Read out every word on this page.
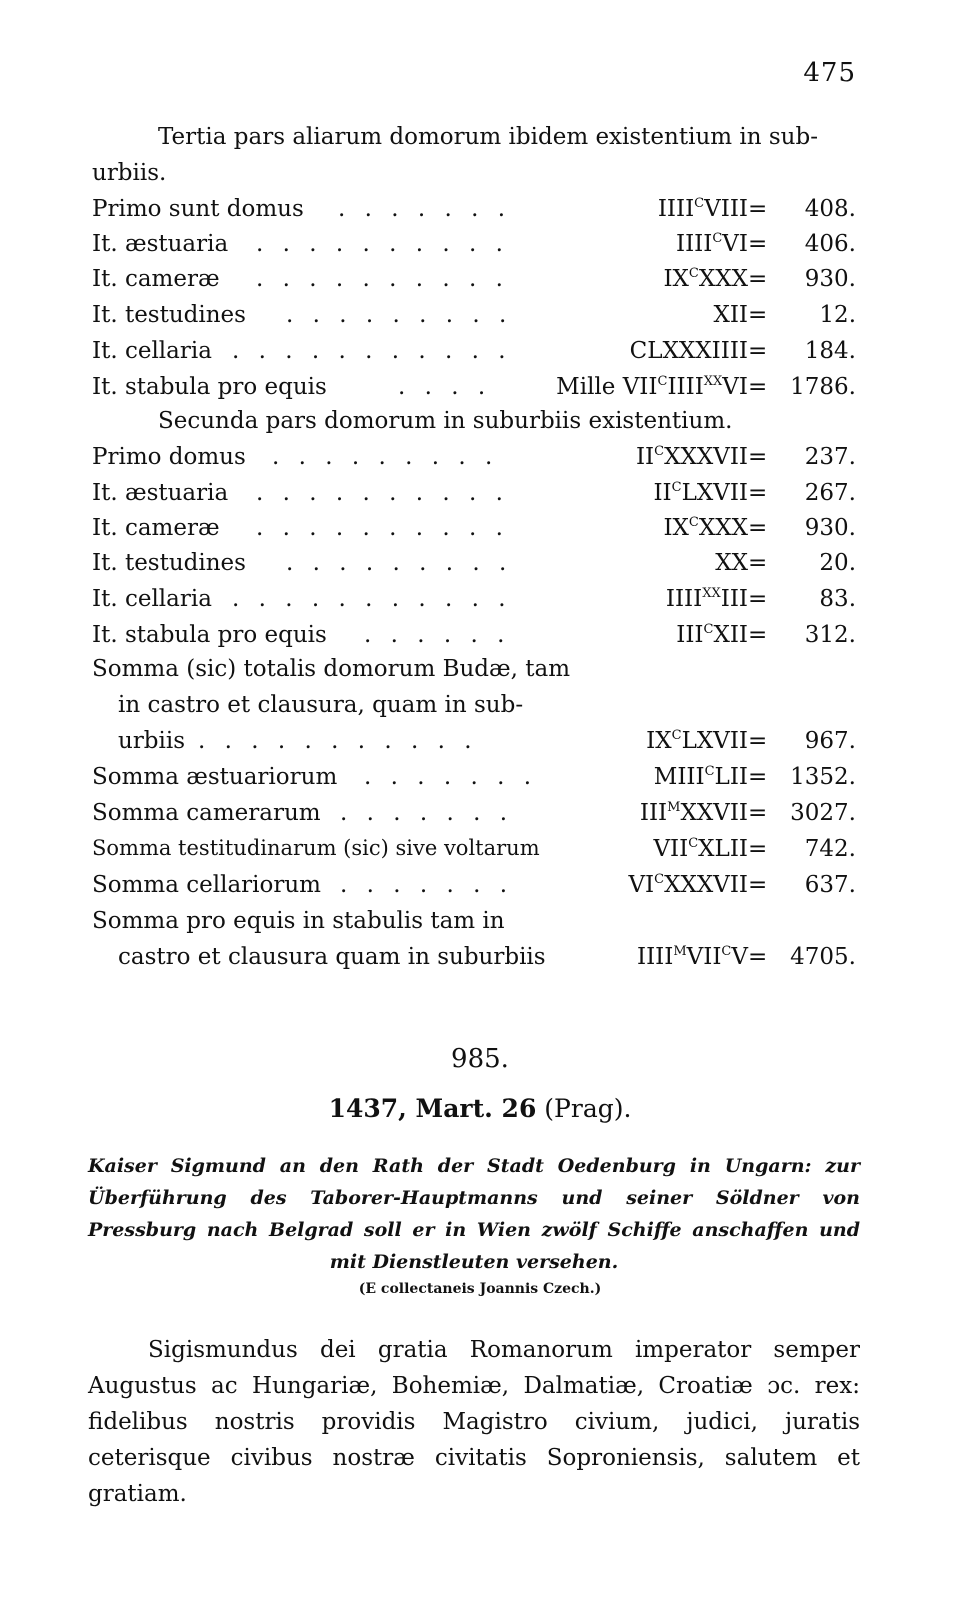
475
Tertia pars aliarum domorum ibidem existentium in sub-
urbiis.
Primo sunt domus . . . . . . .	$IIII^CVIII = 408$.
It. æstuaria . . . . . . . . . .	$IIII^CVI = 406$.
It. cameræ . . . . . . . . . .	$IX^CXXX = 930$.
It. testudines . . . . . . . . .	XII = 12.
It. cellaria . . . . . . . . . . .	CLXXXIIII = 184.
It. stabula pro equis	. . . .	Mille $VII^CIIII^{XX}VI = 1786$.
Secunda pars domorum in suburbiis existentium.
Primo domus . . . . . . . . .	$II^CXXXVII = 237$.
It. æstuaria . . . . . . . . . .	$II^CLXVII = 267$.
It. cameræ . . . . . . . . . .	$IX^CXXX = 930$.
It. testudines . . . . . . . . .	XX = 20.
It. cellaria . . . . . . . . . . .	$IIII^{XX}III = 83$.
It. stabula pro equis . . . . . .	$III^CXII = 312$.
Somma (sic) totalis domorum Budæ, tam
in castro et clausura, quam in sub-
urbiis . . . . . . . . . . .	$IX^CLXVII = 967$.
Somma æstuariorum . . . . . . .	$MIII^CLII = 1352$.
Somma camerarum . . . . . . .	$III^MXXVII = 3027$.
Somma testitudinarum (sic) sive voltarum	$VII^CXLII = 742$.
Somma cellariorum . . . . . . .	$VI^CXXXVII = 637$.
Somma pro equis in stabulis tam in
castro et clausura quam in suburbiis	$IIII^MVII^CV = 4705$.
985.
1437, Mart. 26 (Prag).
Kaiser Sigmund an den Rath der Stadt Oedenburg in Ungarn: zur Überführung des Taborer-Hauptmanns und seiner Söldner von Pressburg nach Belgrad soll er in Wien zwölf Schiffe anschaffen und mit Dienstleuten versehen.
(E collectaneis Joannis Czech.)
Sigismundus dei gratia Romanorum imperator semper Augustus ac Hungariæ, Bohemiæ, Dalmatiæ, Croatiæ ɔc. rex: fidelibus nostris providis Magistro civium, judici, juratis ceterisque civibus nostræ civitatis Soproniensis, salutem et gratiam.
